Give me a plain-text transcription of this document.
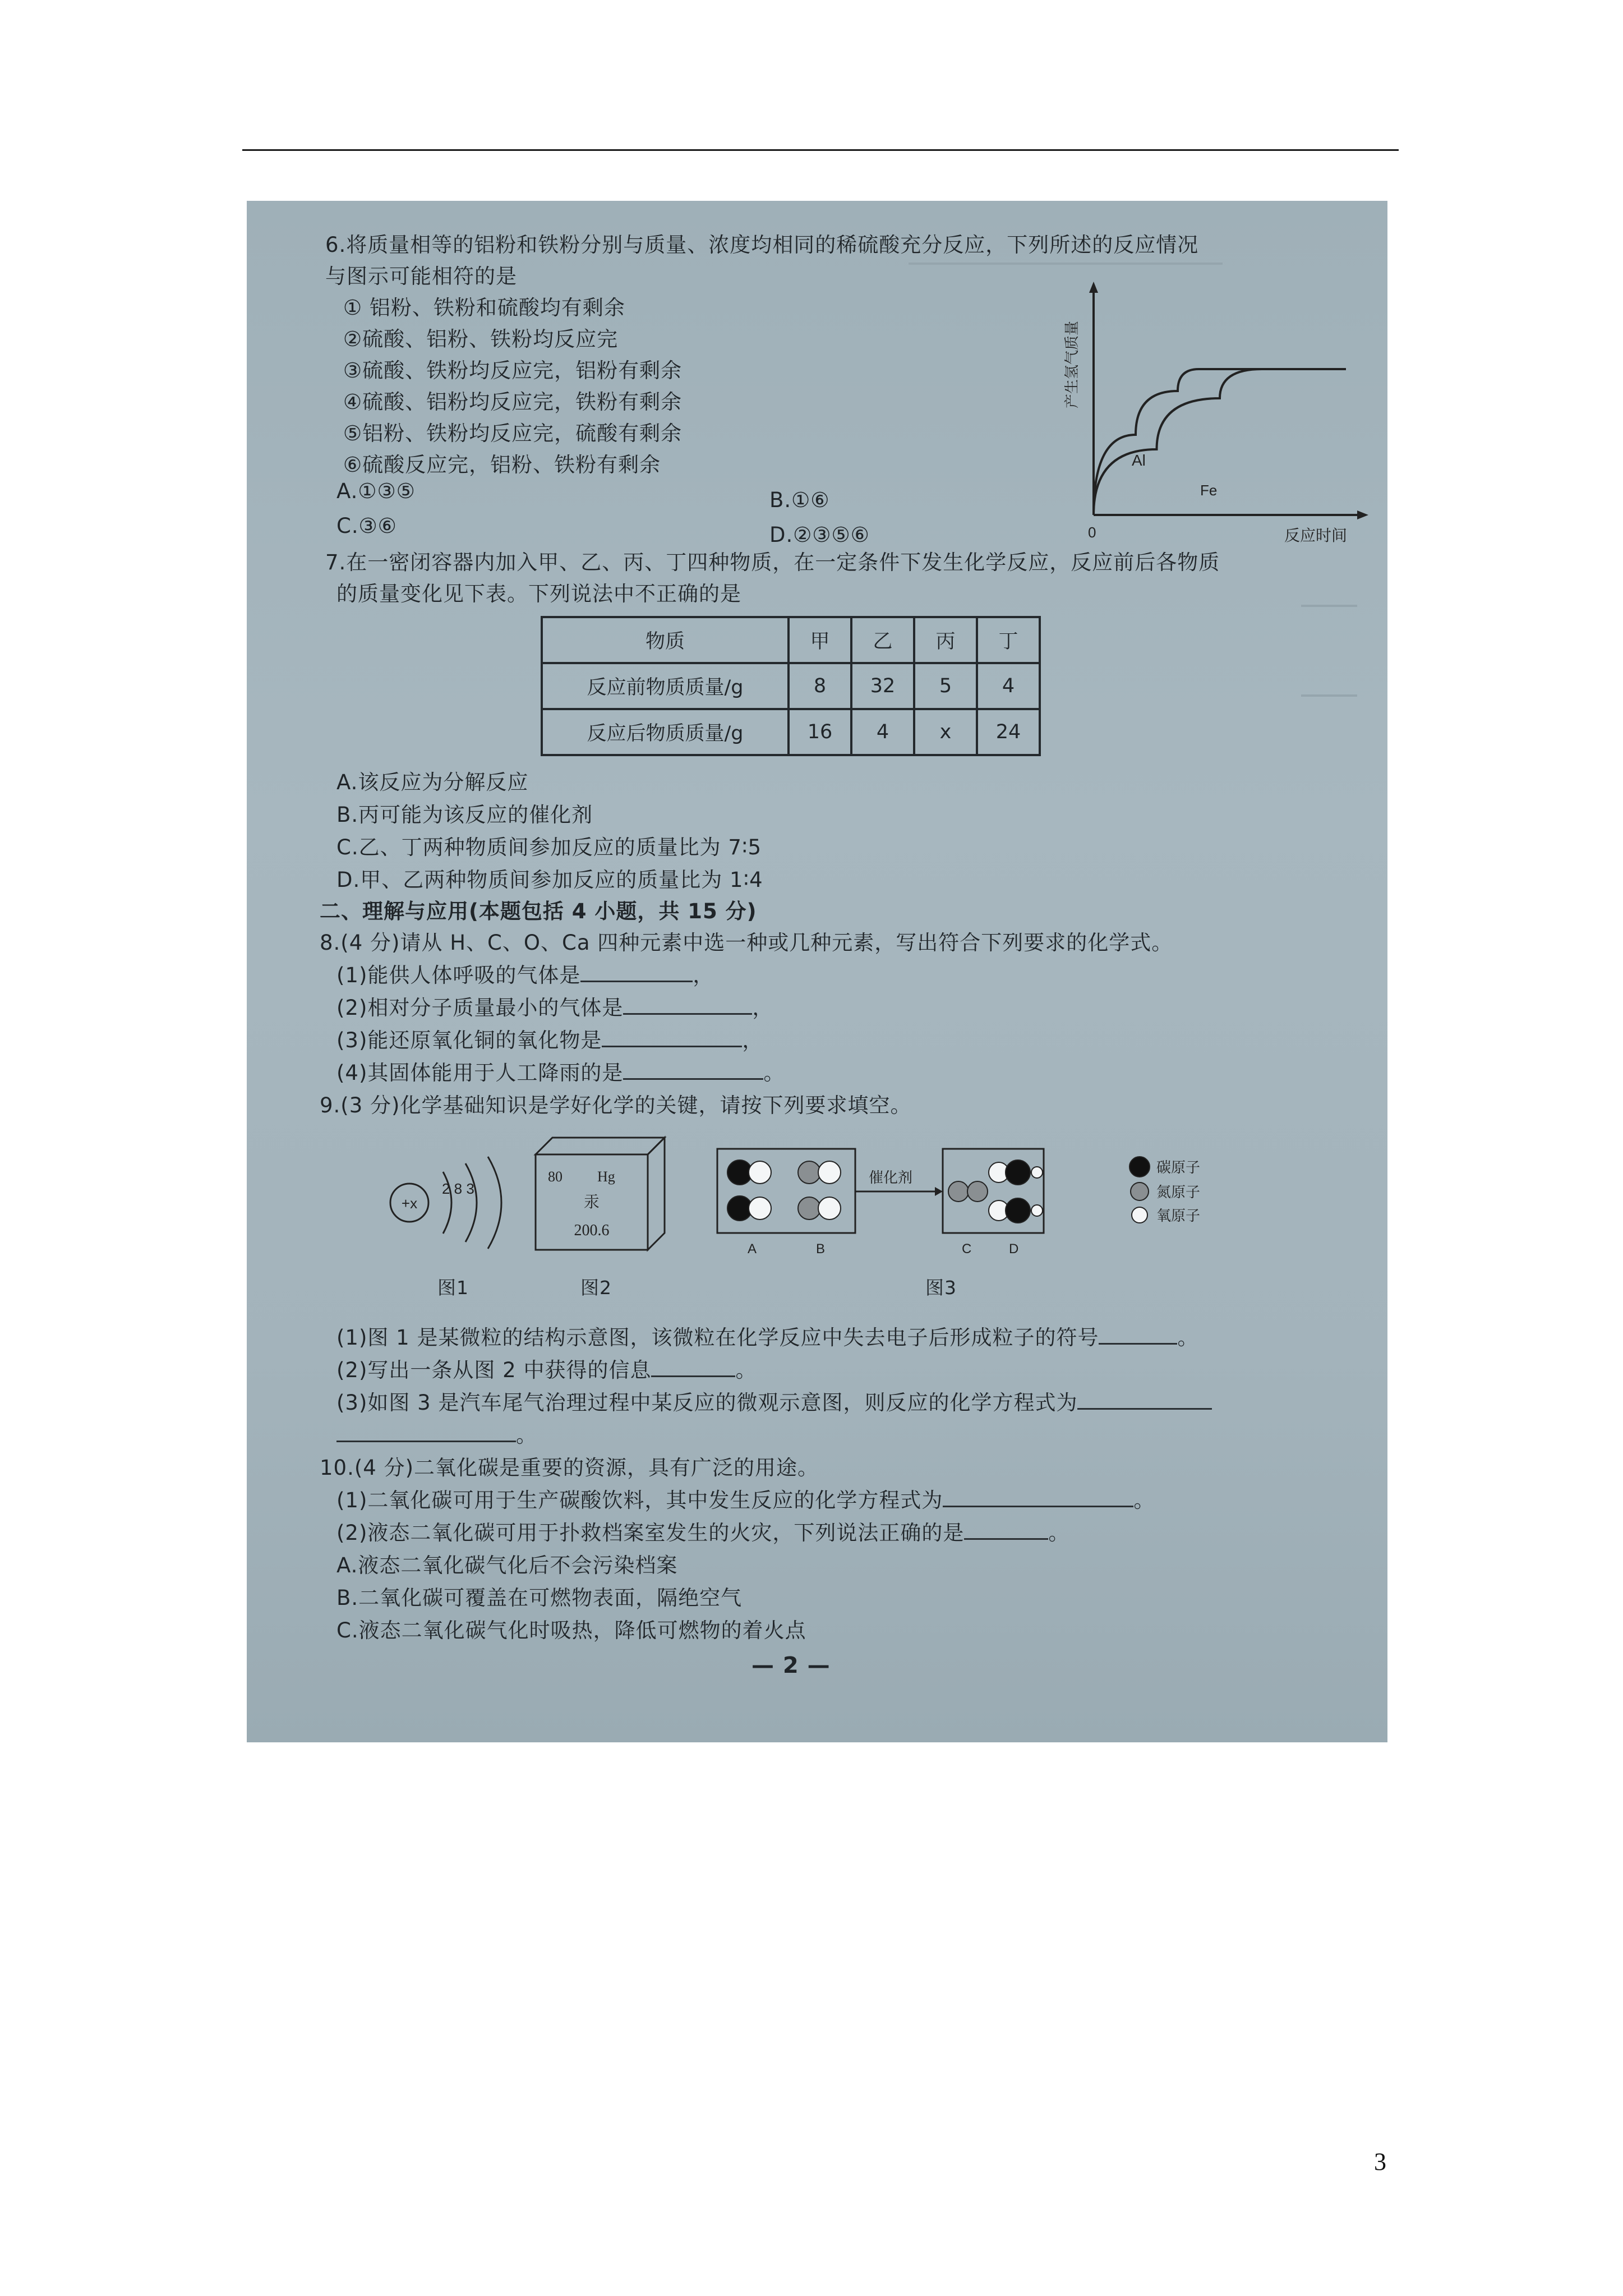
6.将质量相等的铝粉和铁粉分别与质量、浓度均相同的稀硫酸充分反应，下列所述的反应情况
与图示可能相符的是
① 铝粉、铁粉和硫酸均有剩余
②硫酸、铝粉、铁粉均反应完
③硫酸、铁粉均反应完，铝粉有剩余
④硫酸、铝粉均反应完，铁粉有剩余
⑤铝粉、铁粉均反应完，硫酸有剩余
⑥硫酸反应完，铝粉、铁粉有剩余
A.①③⑤	B.①⑥
C.③⑥	D.②③⑤⑥
Al
Fe
0	反应时间
产生氢气质量
7.在一密闭容器内加入甲、乙、丙、丁四种物质，在一定条件下发生化学反应，反应前后各物质
的质量变化见下表。下列说法中不正确的是
物质	甲	乙	丙	丁
反应前物质质量/g	8	32	5	4
反应后物质质量/g	16	4	x	24
A.该反应为分解反应
B.丙可能为该反应的催化剂
C.乙、丁两种物质间参加反应的质量比为 7∶5
D.甲、乙两种物质间参加反应的质量比为 1∶4
二、理解与应用(本题包括 4 小题，共 15 分)
8.(4 分)请从 H、C、O、Ca 四种元素中选一种或几种元素，写出符合下列要求的化学式。
(1)能供人体呼吸的气体是	，
(2)相对分子质量最小的气体是	，
(3)能还原氧化铜的氧化物是	，
(4)其固体能用于人工降雨的是	。
9.(3 分)化学基础知识是学好化学的关键，请按下列要求填空。
+x
2 8 3
图1
80 Hg
汞
200.6
图2
催化剂
A	B	C	D
图3
碳原子
氮原子
氧原子
(1)图 1 是某微粒的结构示意图，该微粒在化学反应中失去电子后形成粒子的符号	。
(2)写出一条从图 2 中获得的信息	。
(3)如图 3 是汽车尾气治理过程中某反应的微观示意图，则反应的化学方程式为
。
10.(4 分)二氧化碳是重要的资源，具有广泛的用途。
(1)二氧化碳可用于生产碳酸饮料，其中发生反应的化学方程式为	。
(2)液态二氧化碳可用于扑救档案室发生的火灾，下列说法正确的是	。
A.液态二氧化碳气化后不会污染档案
B.二氧化碳可覆盖在可燃物表面，隔绝空气
C.液态二氧化碳气化时吸热，降低可燃物的着火点
— 2 —
3
